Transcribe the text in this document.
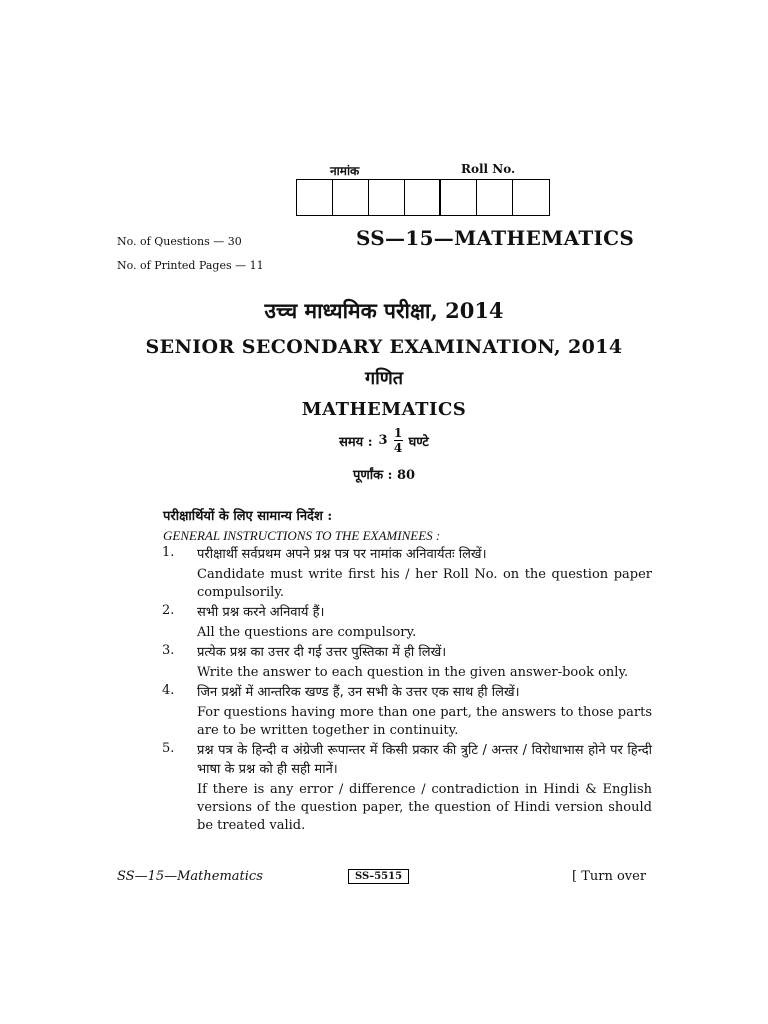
नामांक	Roll No.
No. of Questions — 30	SS—15—MATHEMATICS
No. of Printed Pages — 11
उच्च माध्यमिक परीक्षा, 2014
SENIOR SECONDARY EXAMINATION, 2014
गणित
MATHEMATICS
समय : $3 \frac{1}{4}$ घण्टे
पूर्णांक : 80
परीक्षार्थियों के लिए सामान्य निर्देश :
GENERAL INSTRUCTIONS TO THE EXAMINEES :
1.	परीक्षार्थी सर्वप्रथम अपने प्रश्न पत्र पर नामांक अनिवार्यतः लिखें।
Candidate must write first his / her Roll No. on the question paper compulsorily.
2.	सभी प्रश्न करने अनिवार्य हैं।
All the questions are compulsory.
3.	प्रत्येक प्रश्न का उत्तर दी गई उत्तर पुस्तिका में ही लिखें।
Write the answer to each question in the given answer-book only.
4.	जिन प्रश्नों में आन्तरिक खण्ड हैं, उन सभी के उत्तर एक साथ ही लिखें।
For questions having more than one part, the answers to those parts are to be written together in continuity.
5.	प्रश्न पत्र के हिन्दी व अंग्रेजी रूपान्तर में किसी प्रकार की त्रुटि / अन्तर / विरोधाभास होने पर हिन्दी भाषा के प्रश्न को ही सही मानें।
If there is any error / difference / contradiction in Hindi & English versions of the question paper, the question of Hindi version should be treated valid.
SS—15—Mathematics	SS–5515	[ Turn over
